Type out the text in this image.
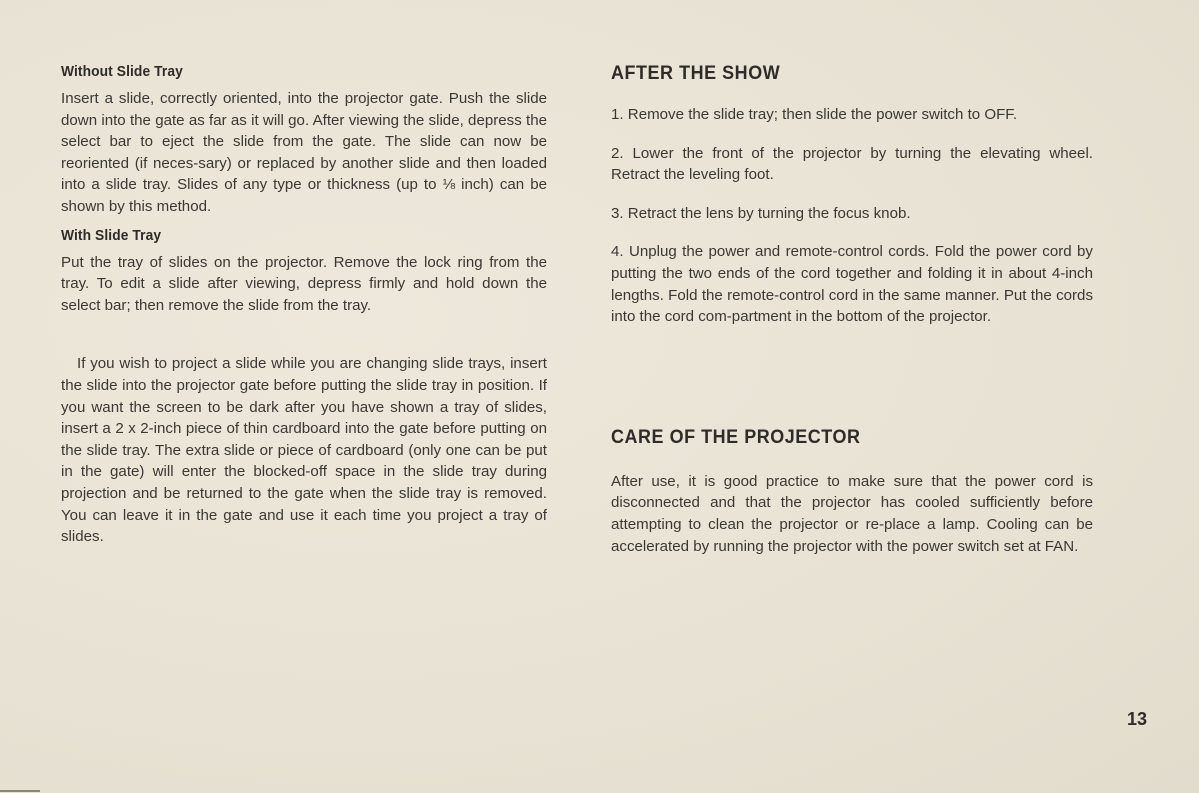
Without Slide Tray

Insert a slide, correctly oriented, into the projector gate. Push the slide down into the gate as far as it will go. After viewing the slide, depress the select bar to eject the slide from the gate. The slide can now be reoriented (if neces-sary) or replaced by another slide and then loaded into a slide tray. Slides of any type or thickness (up to ⅛ inch) can be shown by this method.

With Slide Tray

Put the tray of slides on the projector. Remove the lock ring from the tray. To edit a slide after viewing, depress firmly and hold down the select bar; then remove the slide from the tray.

If you wish to project a slide while you are changing slide trays, insert the slide into the projector gate before putting the slide tray in position. If you want the screen to be dark after you have shown a tray of slides, insert a 2 x 2-inch piece of thin cardboard into the gate before putting on the slide tray. The extra slide or piece of cardboard (only one can be put in the gate) will enter the blocked-off space in the slide tray during projection and be returned to the gate when the slide tray is removed. You can leave it in the gate and use it each time you project a tray of slides.

AFTER THE SHOW

1. Remove the slide tray; then slide the power switch to OFF.

2. Lower the front of the projector by turning the elevating wheel. Retract the leveling foot.

3. Retract the lens by turning the focus knob.

4. Unplug the power and remote-control cords. Fold the power cord by putting the two ends of the cord together and folding it in about 4-inch lengths. Fold the remote-control cord in the same manner. Put the cords into the cord com-partment in the bottom of the projector.

CARE OF THE PROJECTOR

After use, it is good practice to make sure that the power cord is disconnected and that the projector has cooled sufficiently before attempting to clean the projector or re-place a lamp. Cooling can be accelerated by running the projector with the power switch set at FAN.

13
